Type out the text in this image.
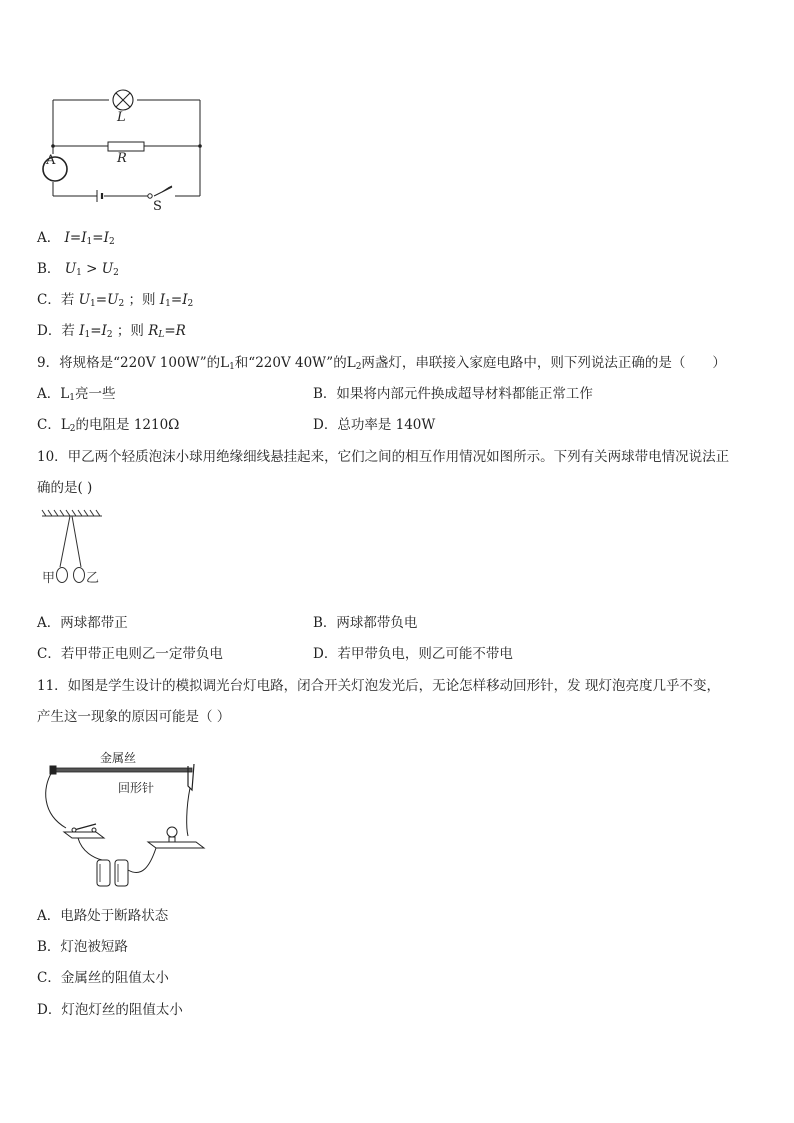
L
R
A
S
A． $I=I_1=I_2$
B． $U_1 > U_2$
C．若 $U_1=U_2$ ；则 $I_1=I_2$
D．若 $I_1=I_2$ ；则 $R_L=R$
9．将规格是“220V 100W”的$L_1$和“220V 40W”的$L_2$两盏灯，串联接入家庭电路中，则下列说法正确的是（　　）
A．$L_1$亮一些	B．如果将内部元件换成超导材料都能正常工作
C．$L_2$的电阻是 1210Ω	D．总功率是 140W
10．甲乙两个轻质泡沫小球用绝缘细线悬挂起来，它们之间的相互作用情况如图所示。下列有关两球带电情况说法正
确的是( )
甲 乙
A．两球都带正	B．两球都带负电
C．若甲带正电则乙一定带负电	D．若甲带负电，则乙可能不带电
11．如图是学生设计的模拟调光台灯电路，闭合开关灯泡发光后，无论怎样移动回形针，发 现灯泡亮度几乎不变，
产生这一现象的原因可能是（ ）
金属丝
回形针
A．电路处于断路状态
B．灯泡被短路
C．金属丝的阻值太小
D．灯泡灯丝的阻值太小
